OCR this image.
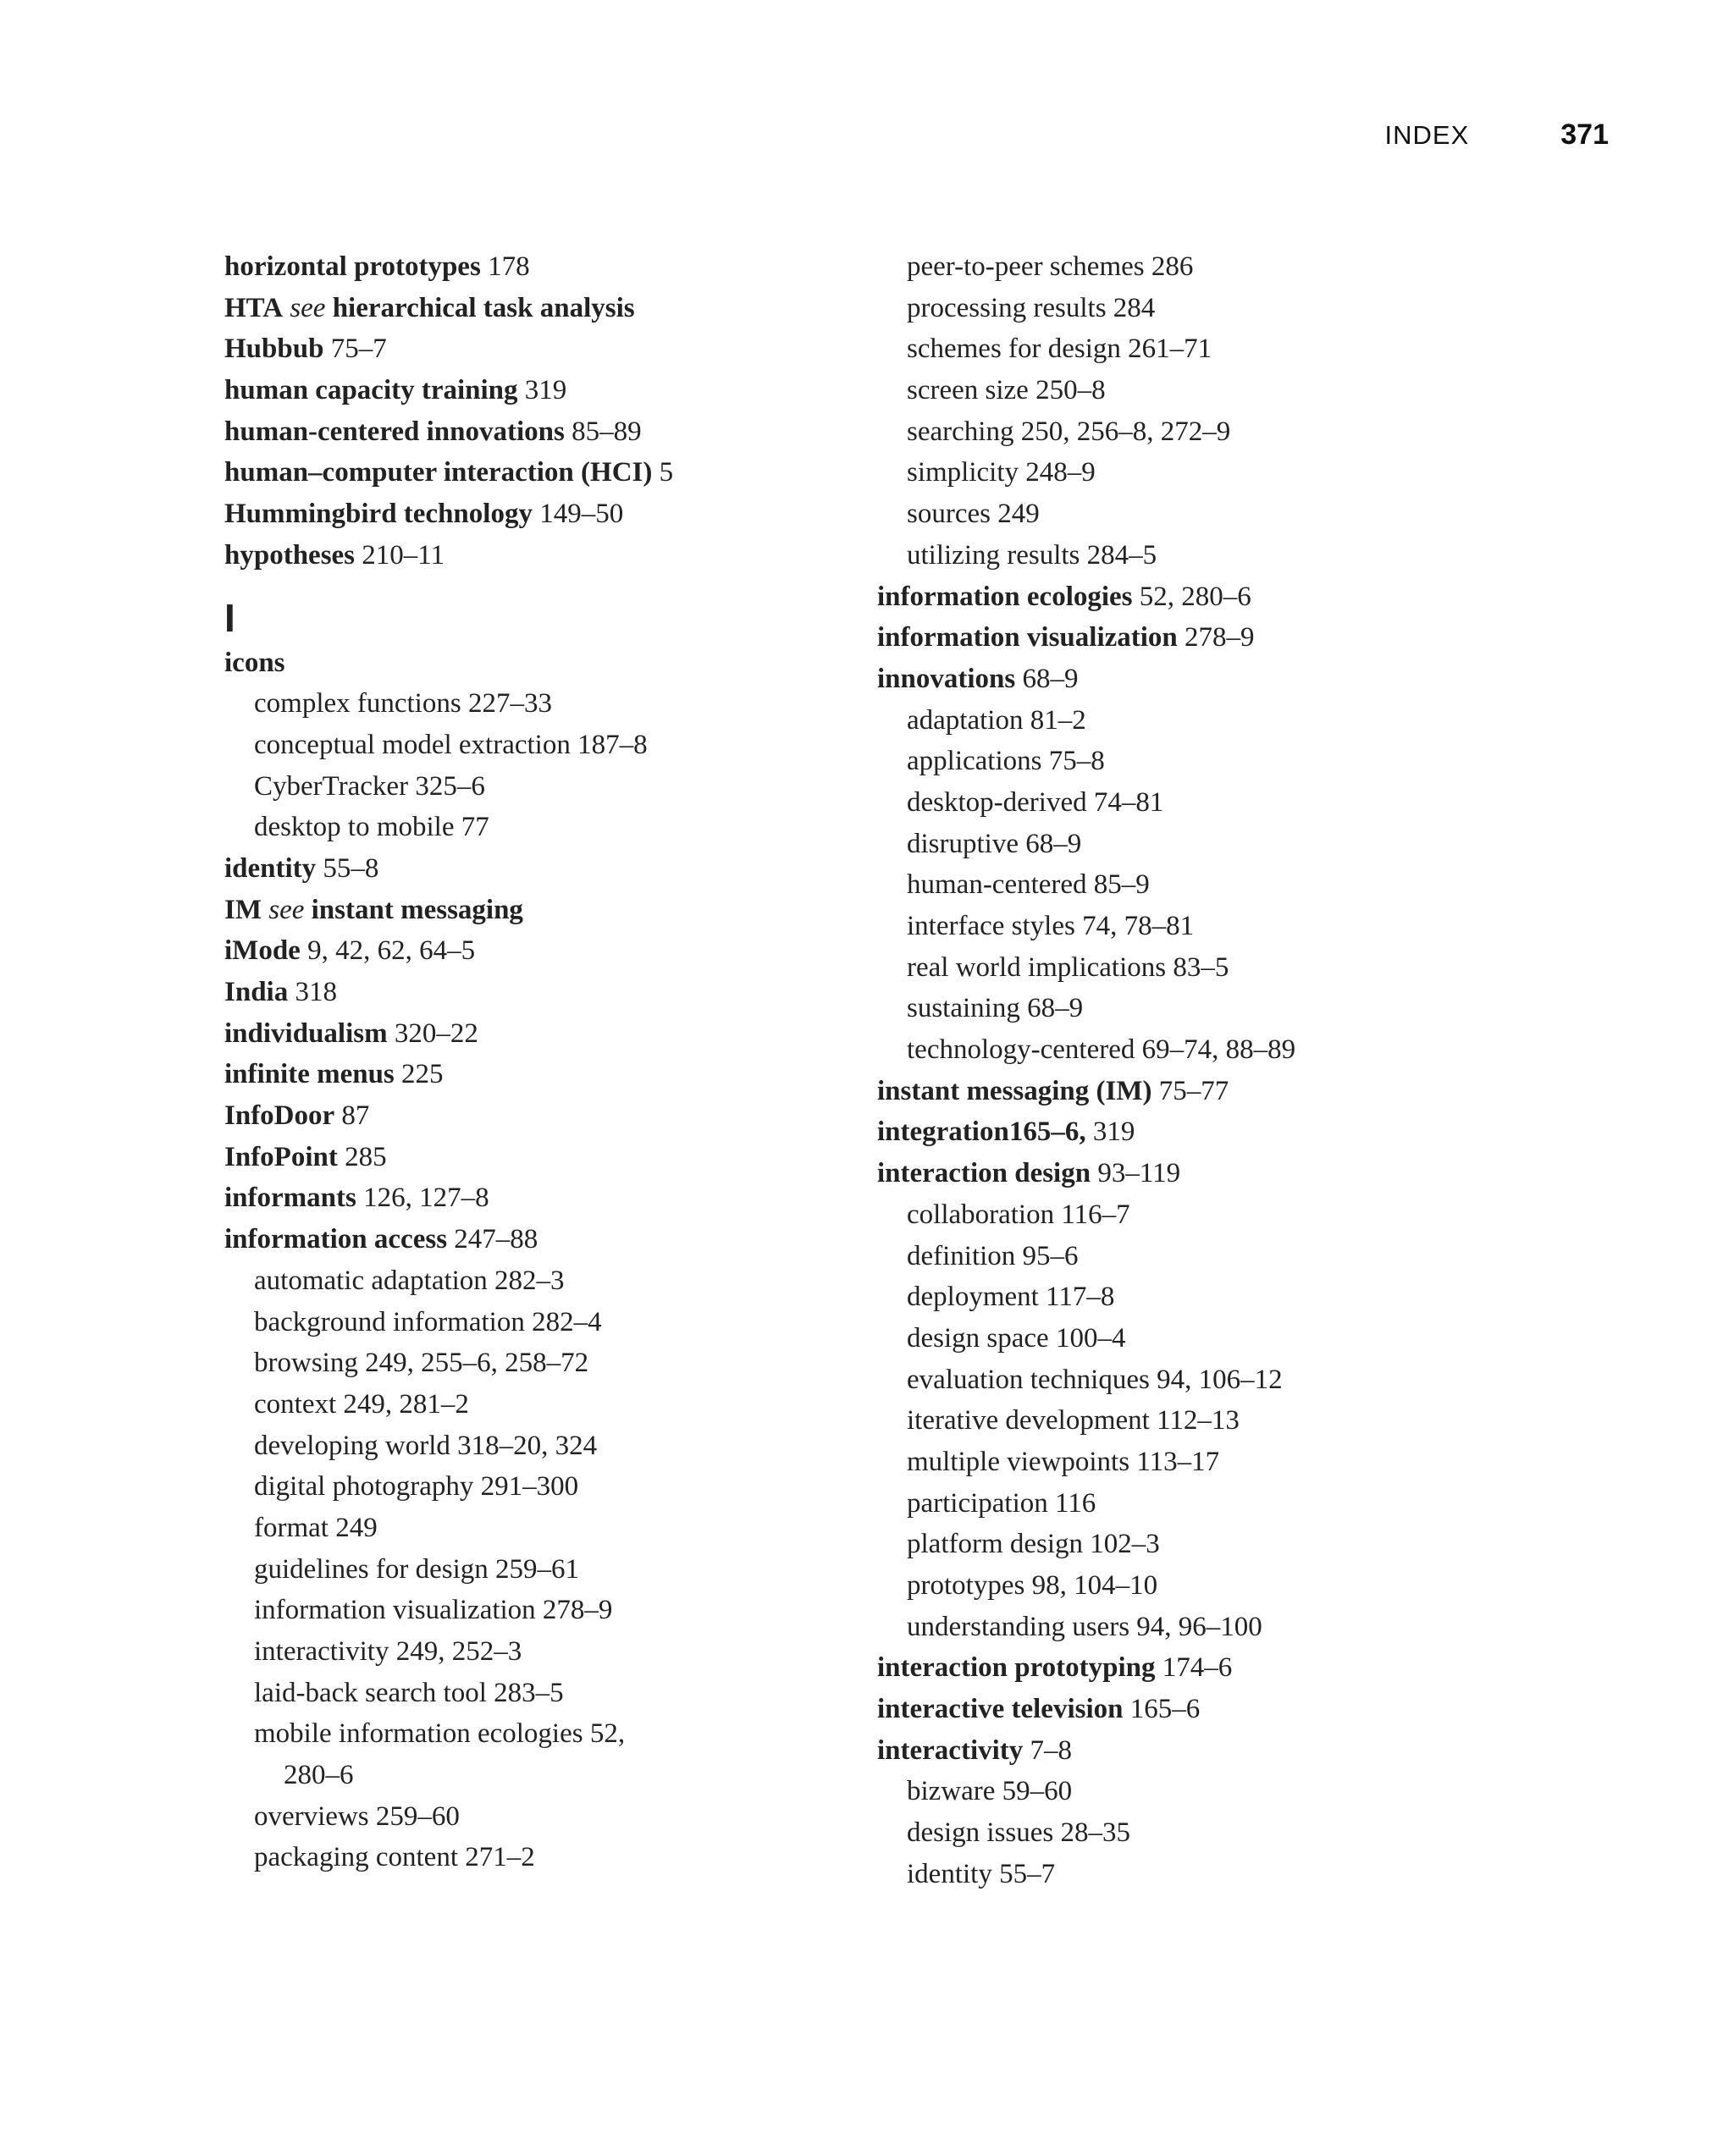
INDEX	371
horizontal prototypes 178
HTA see hierarchical task analysis
Hubbub 75–7
human capacity training 319
human-centered innovations 85–89
human–computer interaction (HCI) 5
Hummingbird technology 149–50
hypotheses 210–11
I
icons
complex functions 227–33
conceptual model extraction 187–8
CyberTracker 325–6
desktop to mobile 77
identity 55–8
IM see instant messaging
iMode 9, 42, 62, 64–5
India 318
individualism 320–22
infinite menus 225
InfoDoor 87
InfoPoint 285
informants 126, 127–8
information access 247–88
automatic adaptation 282–3
background information 282–4
browsing 249, 255–6, 258–72
context 249, 281–2
developing world 318–20, 324
digital photography 291–300
format 249
guidelines for design 259–61
information visualization 278–9
interactivity 249, 252–3
laid-back search tool 283–5
mobile information ecologies 52,
280–6
overviews 259–60
packaging content 271–2
peer-to-peer schemes 286
processing results 284
schemes for design 261–71
screen size 250–8
searching 250, 256–8, 272–9
simplicity 248–9
sources 249
utilizing results 284–5
information ecologies 52, 280–6
information visualization 278–9
innovations 68–9
adaptation 81–2
applications 75–8
desktop-derived 74–81
disruptive 68–9
human-centered 85–9
interface styles 74, 78–81
real world implications 83–5
sustaining 68–9
technology-centered 69–74, 88–89
instant messaging (IM) 75–77
integration165–6, 319
interaction design 93–119
collaboration 116–7
definition 95–6
deployment 117–8
design space 100–4
evaluation techniques 94, 106–12
iterative development 112–13
multiple viewpoints 113–17
participation 116
platform design 102–3
prototypes 98, 104–10
understanding users 94, 96–100
interaction prototyping 174–6
interactive television 165–6
interactivity 7–8
bizware 59–60
design issues 28–35
identity 55–7
